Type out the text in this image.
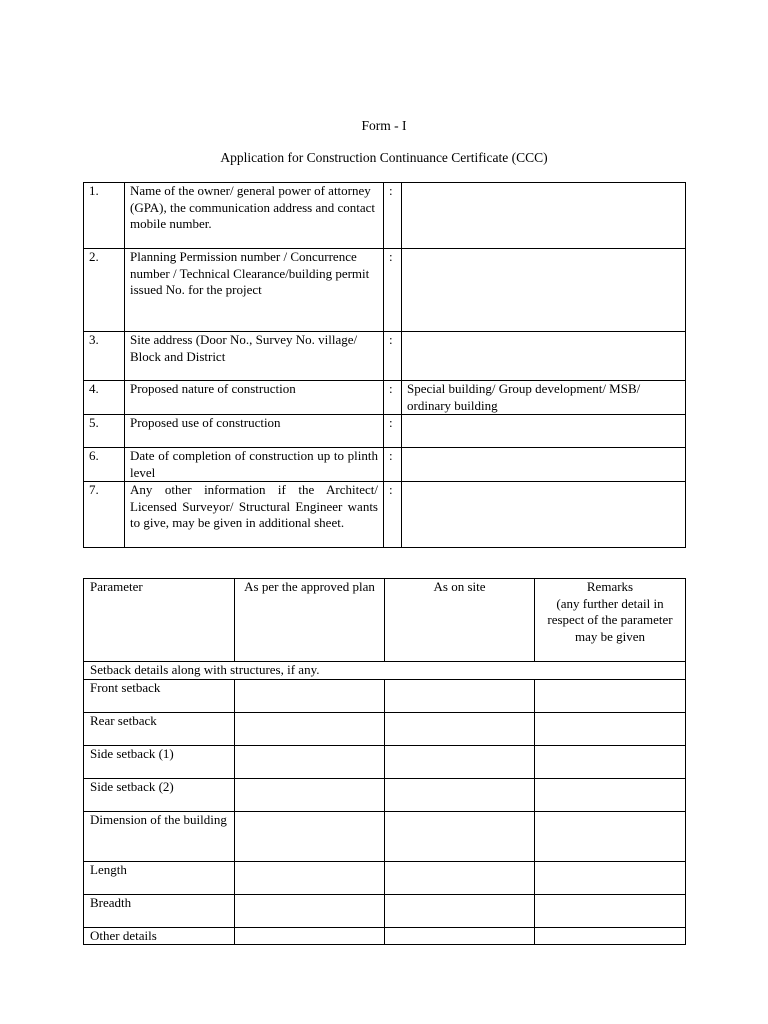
Form - I
Application for Construction Continuance Certificate (CCC)
1.	Name of the owner/ general power of attorney (GPA), the communication address and contact mobile number.	:	
2.	Planning Permission number / Concurrence number / Technical Clearance/building permit issued No. for the project	:	
3.	Site address (Door No., Survey No. village/ Block and District	:	
4.	Proposed nature of construction	:	Special building/ Group development/ MSB/ ordinary building
5.	Proposed use of construction	:	
6.	Date of completion of construction up to plinth level	:	
7.	Any other information if the Architect/ Licensed Surveyor/ Structural Engineer wants to give, may be given in additional sheet.	:	
Parameter	As per the approved plan	As on site	Remarks
(any further detail in respect of the parameter may be given

Setback details along with structures, if any.			
Front setback			
Rear setback			
Side setback (1)			
Side setback (2)			
Dimension of the building			
Length			
Breadth			
Other details			
